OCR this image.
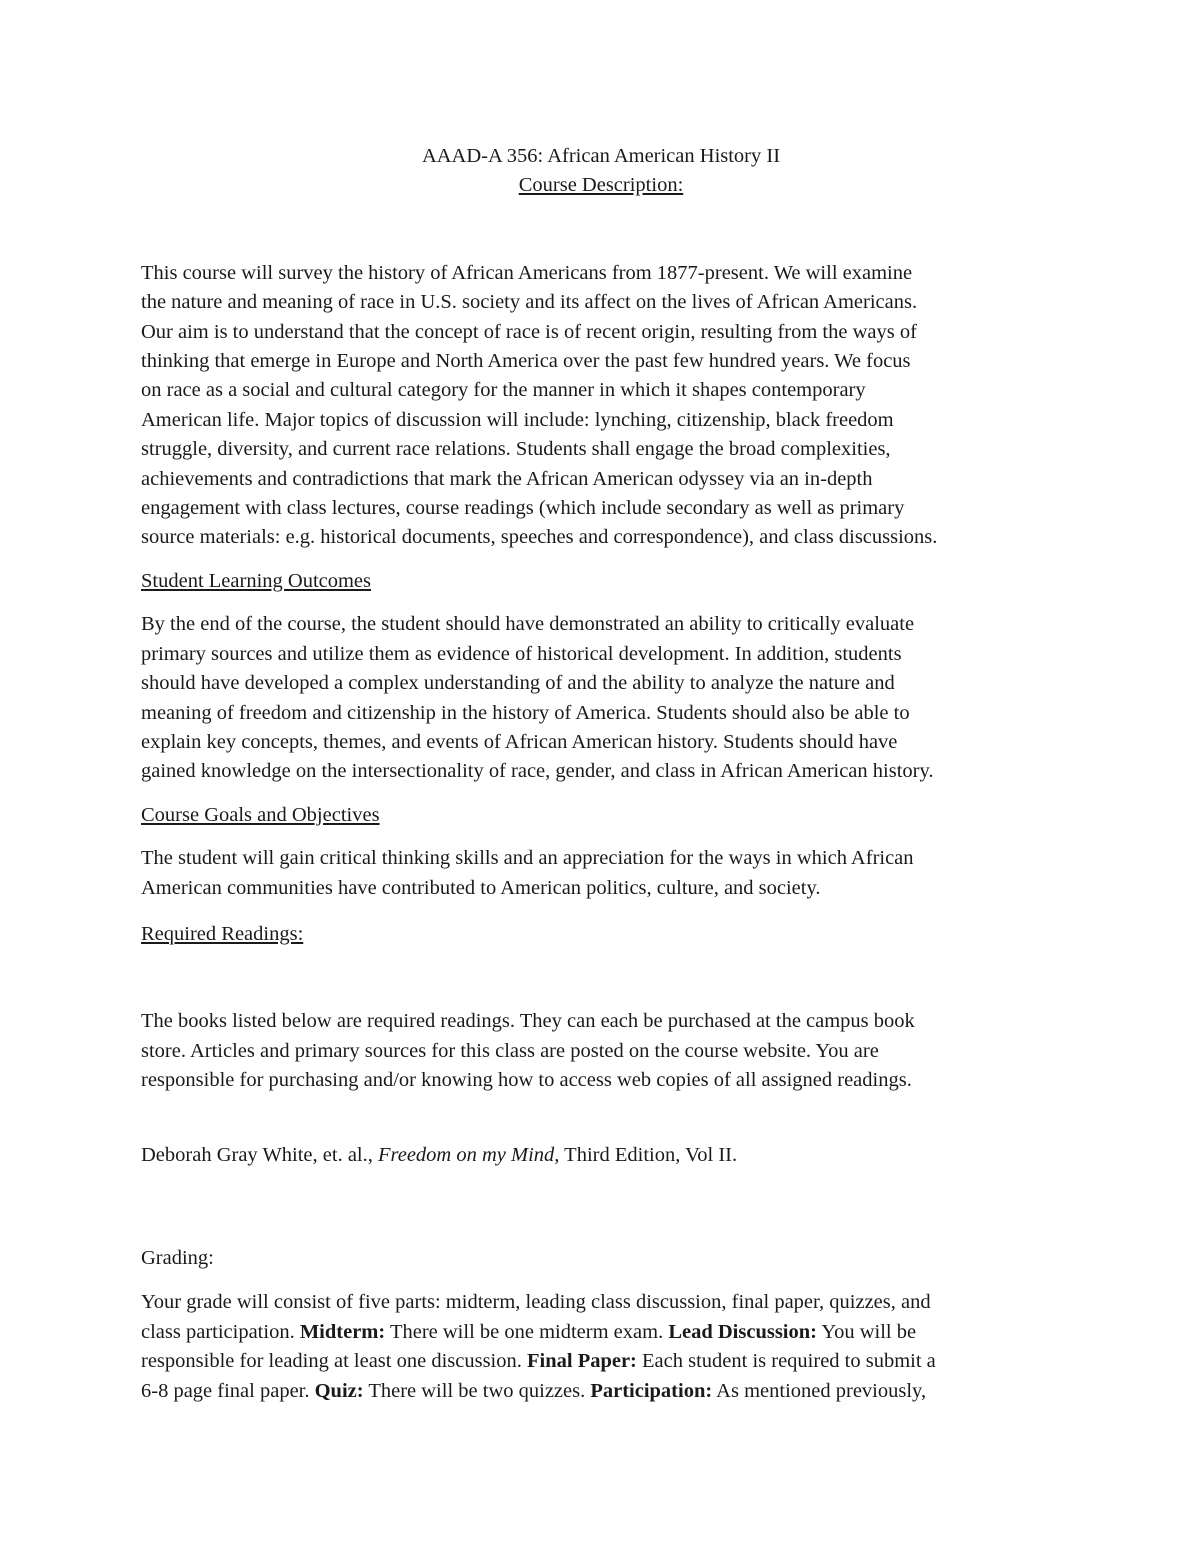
AAAD-A 356: African American History II

Course Description:

This course will survey the history of African Americans from 1877-present. We will examine

the nature and meaning of race in U.S. society and its affect on the lives of African Americans.

Our aim is to understand that the concept of race is of recent origin, resulting from the ways of

thinking that emerge in Europe and North America over the past few hundred years. We focus

on race as a social and cultural category for the manner in which it shapes contemporary

American life. Major topics of discussion will include: lynching, citizenship, black freedom

struggle, diversity, and current race relations. Students shall engage the broad complexities,

achievements and contradictions that mark the African American odyssey via an in-depth

engagement with class lectures, course readings (which include secondary as well as primary

source materials: e.g. historical documents, speeches and correspondence), and class discussions.

Student Learning Outcomes

By the end of the course, the student should have demonstrated an ability to critically evaluate

primary sources and utilize them as evidence of historical development. In addition, students

should have developed a complex understanding of and the ability to analyze the nature and

meaning of freedom and citizenship in the history of America. Students should also be able to

explain key concepts, themes, and events of African American history. Students should have

gained knowledge on the intersectionality of race, gender, and class in African American history.

Course Goals and Objectives

The student will gain critical thinking skills and an appreciation for the ways in which African

American communities have contributed to American politics, culture, and society.

Required Readings:

The books listed below are required readings. They can each be purchased at the campus book

store. Articles and primary sources for this class are posted on the course website. You are

responsible for purchasing and/or knowing how to access web copies of all assigned readings.

Deborah Gray White, et. al., Freedom on my Mind, Third Edition, Vol II.

Grading:

Your grade will consist of five parts: midterm, leading class discussion, final paper, quizzes, and

class participation. Midterm: There will be one midterm exam. Lead Discussion: You will be

responsible for leading at least one discussion. Final Paper: Each student is required to submit a

6-8 page final paper. Quiz: There will be two quizzes. Participation: As mentioned previously,
